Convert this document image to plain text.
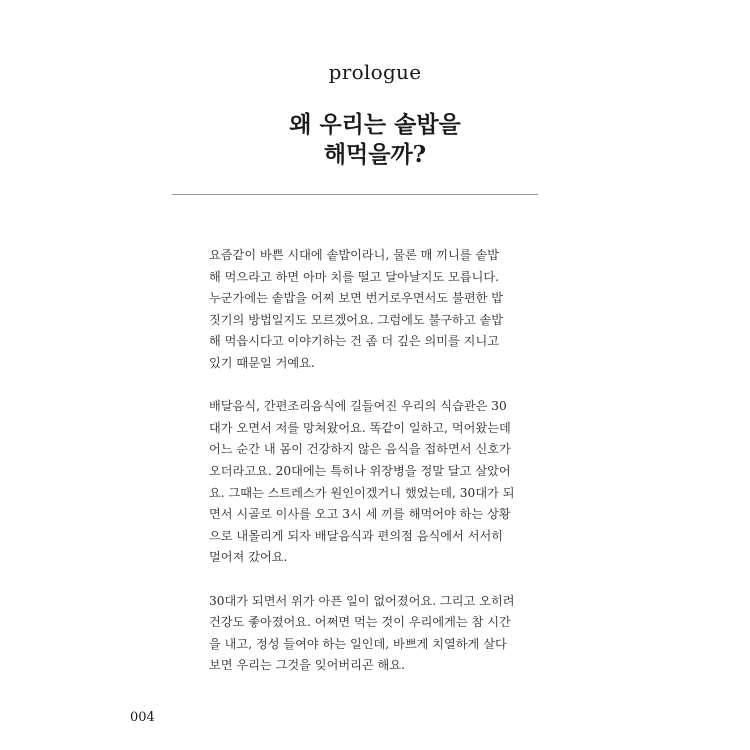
prologue
왜 우리는 솥밥을
해먹을까?

요즘같이 바쁜 시대에 솥밥이라니, 물론 매 끼니를 솥밥
해 먹으라고 하면 아마 치를 떨고 달아날지도 모릅니다.
누군가에는 솥밥을 어찌 보면 번거로우면서도 불편한 밥
짓기의 방법일지도 모르겠어요. 그럼에도 불구하고 솥밥
해 먹읍시다고 이야기하는 건 좀 더 깊은 의미를 지니고
있기 때문일 거예요.

배달음식, 간편조리음식에 길들여진 우리의 식습관은 30
대가 오면서 저를 망쳐왔어요. 똑같이 일하고, 먹어왔는데
어느 순간 내 몸이 건강하지 않은 음식을 접하면서 신호가
오더라고요. 20대에는 특히나 위장병을 정말 달고 살았어
요. 그때는 스트레스가 원인이겠거니 했었는데, 30대가 되
면서 시골로 이사를 오고 3시 세 끼를 해먹어야 하는 상황
으로 내몰리게 되자 배달음식과 편의점 음식에서 서서히
멀어져 갔어요.

30대가 되면서 위가 아픈 일이 없어졌어요. 그리고 오히려
건강도 좋아졌어요. 어쩌면 먹는 것이 우리에게는 참 시간
을 내고, 정성 들여야 하는 일인데, 바쁘게 치열하게 살다
보면 우리는 그것을 잊어버리곤 해요.

004
